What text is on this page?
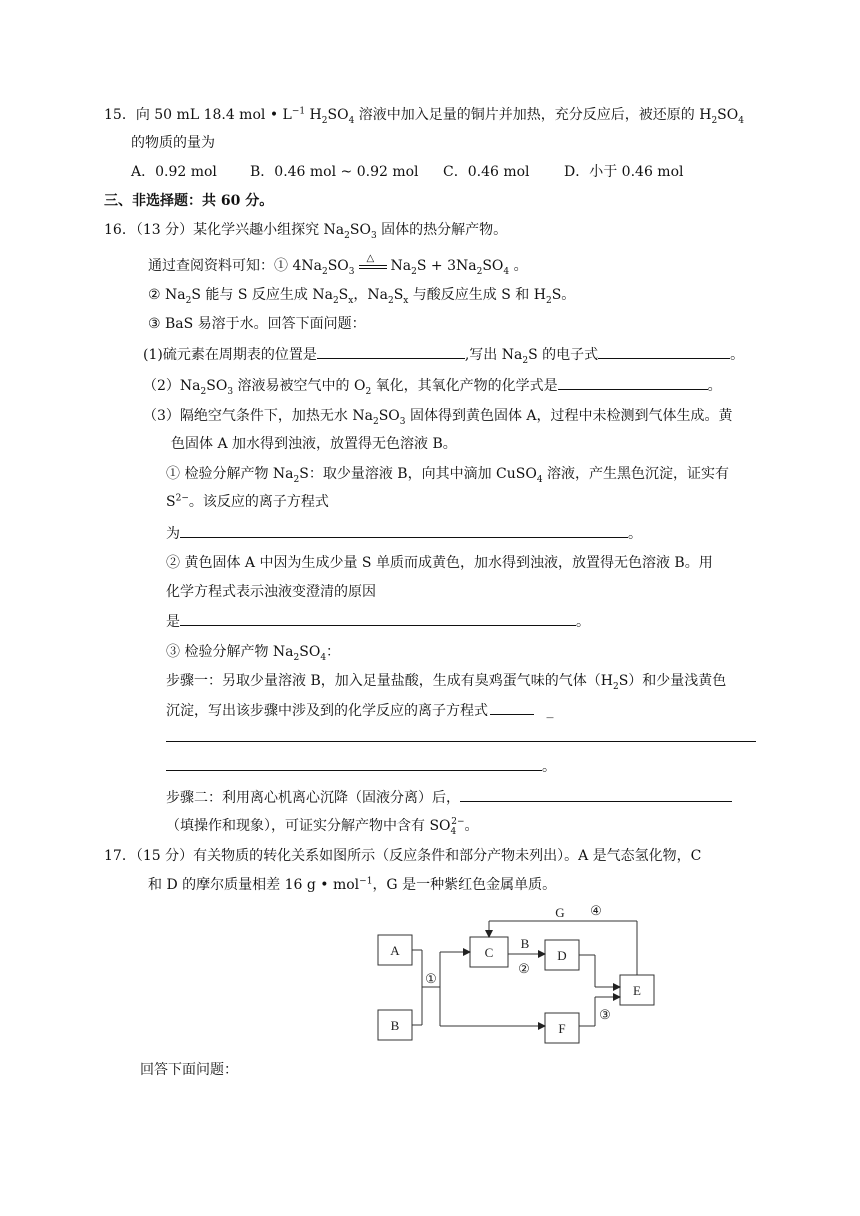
15．向 50 mL 18.4 mol • $L^{-1}$ $H_2SO_4$ 溶液中加入足量的铜片并加热，充分反应后，被还原的 $H_2SO_4$
的物质的量为
A．0.92 mol B．0.46 mol ~ 0.92 mol C．0.46 mol D．小于 0.46 mol
三、非选择题：共 60 分。
16．（13 分）某化学兴趣小组探究 $Na_2SO_3$ 固体的热分解产物。
通过查阅资料可知：① $4Na_2SO_3$
△ $Na_2S + 3Na_2SO_4$ 。
② $Na_2S$ 能与 S 反应生成 $Na_2S_x$，$Na_2S_x$ 与酸反应生成 S 和 $H_2S$。
③ BaS 易溶于水。回答下面问题：
(1)硫元素在周期表的位置是	,写出 $Na_2S$ 的电子式	。
$(2)Na_2SO_3$ 溶液易被空气中的 $O_2$ 氧化，其氧化产物的化学式是	。
（3）隔绝空气条件下，加热无水 $Na_2SO_3$ 固体得到黄色固体 A，过程中未检测到气体生成。黄
色固体 A 加水得到浊液，放置得无色溶液 B。
① 检验分解产物 $Na_2S$：取少量溶液 B，向其中滴加 CuSO$_4$ 溶液，产生黑色沉淀，证实有
$S^{2-}$。该反应的离子方程式
为	。
② 黄色固体 A 中因为生成少量 S 单质而成黄色，加水得到浊液，放置得无色溶液 B。用
化学方程式表示浊液变澄清的原因
是	。
③ 检验分解产物 $Na_2SO_4$：
步骤一：另取少量溶液 B，加入足量盐酸，生成有臭鸡蛋气味的气体$(H_2S)$和少量浅黄色
沉淀，写出该步骤中涉及到的化学反应的离子方程式	_
。
步骤二：利用离心机离心沉降（固液分离）后，
（填操作和现象），可证实分解产物中含有 $SO_4^{2-}$。
17．（15 分）有关物质的转化关系如图所示（反应条件和部分产物未列出）。A 是气态氢化物，C
和 D 的摩尔质量相差 16 g • mol$^{-1}$，G 是一种紫红色金属单质。
A
B
C	D
E
F
G ④
B
②
①
③
回答下面问题：
